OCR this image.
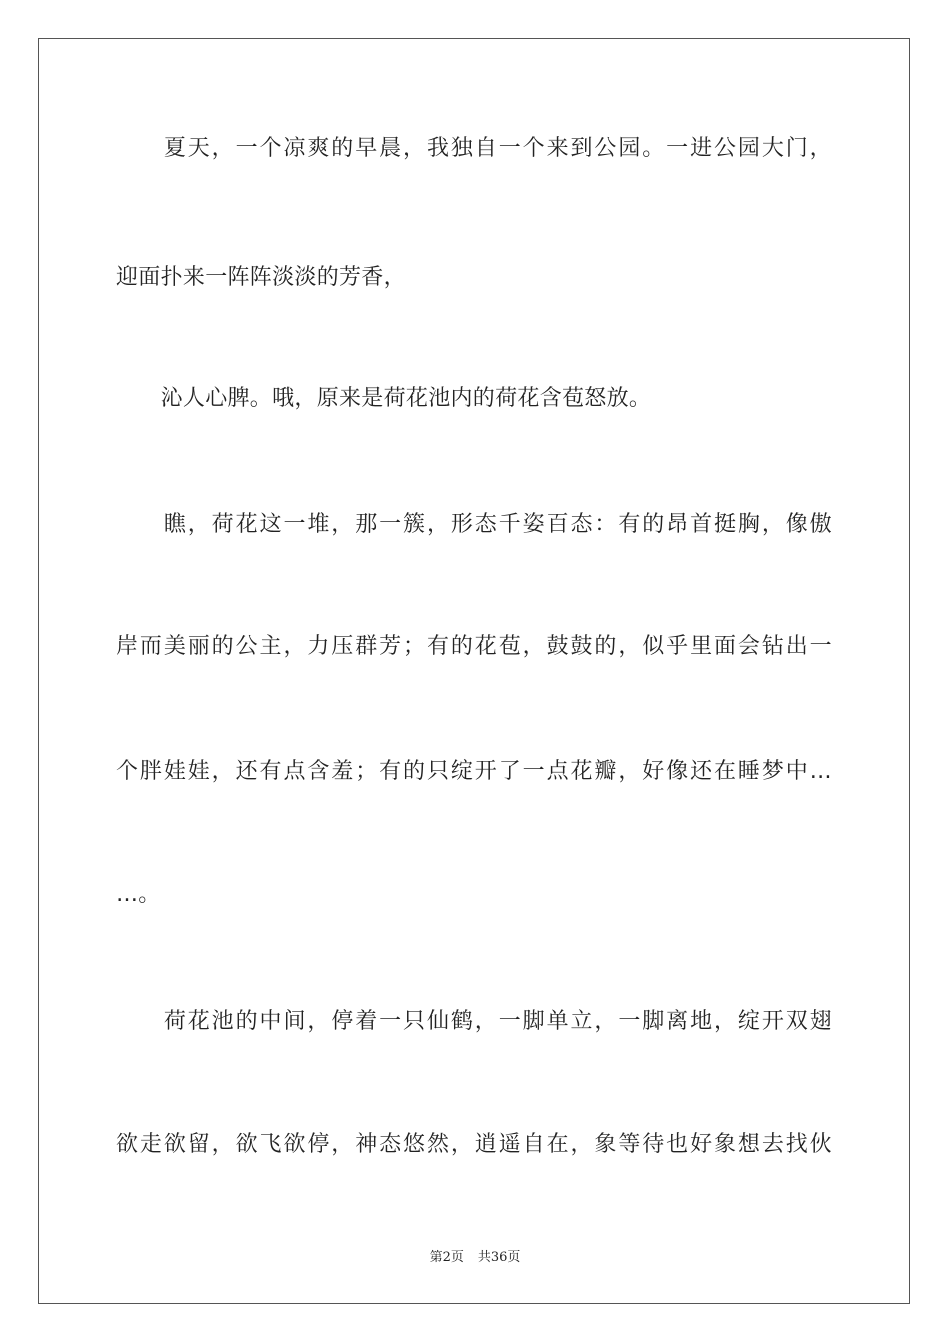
　　夏天，一个凉爽的早晨，我独自一个来到公园。一进公园大门，
迎面扑来一阵阵淡淡的芳香，
　　沁人心脾。哦，原来是荷花池内的荷花含苞怒放。
　　瞧，荷花这一堆，那一簇，形态千姿百态：有的昂首挺胸，像傲
岸而美丽的公主，力压群芳；有的花苞，鼓鼓的，似乎里面会钻出一
个胖娃娃，还有点含羞；有的只绽开了一点花瓣，好像还在睡梦中…
…。
　　荷花池的中间，停着一只仙鹤，一脚单立，一脚离地，绽开双翅
欲走欲留，欲飞欲停，神态悠然，逍遥自在，象等待也好象想去找伙
第2页 共36页
